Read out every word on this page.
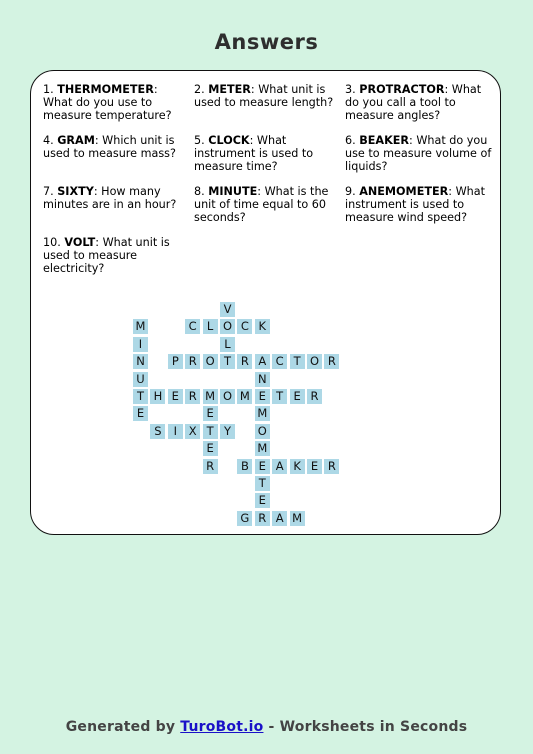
Answers
1. THERMOMETER: What do you use to measure temperature?
2. METER: What unit is used to measure length?
3. PROTRACTOR: What do you call a tool to measure angles?
4. GRAM: Which unit is used to measure mass?
5. CLOCK: What instrument is used to measure time?
6. BEAKER: What do you use to measure volume of liquids?
7. SIXTY: How many minutes are in an hour?
8. MINUTE: What is the unit of time equal to 60 seconds?
9. ANEMOMETER: What instrument is used to measure wind speed?
10. VOLT: What unit is used to measure electricity?
V
O
L
T
C L	C K
M
I
N
U
T
E
P R O	R A C T O R
N
E
M
O
M
E
T
E
R
H E R M O M	T E R
E
T
E
R
S	I	X	Y
B	A K E R
G	A M
Generated by TuroBot.io - Worksheets in Seconds
